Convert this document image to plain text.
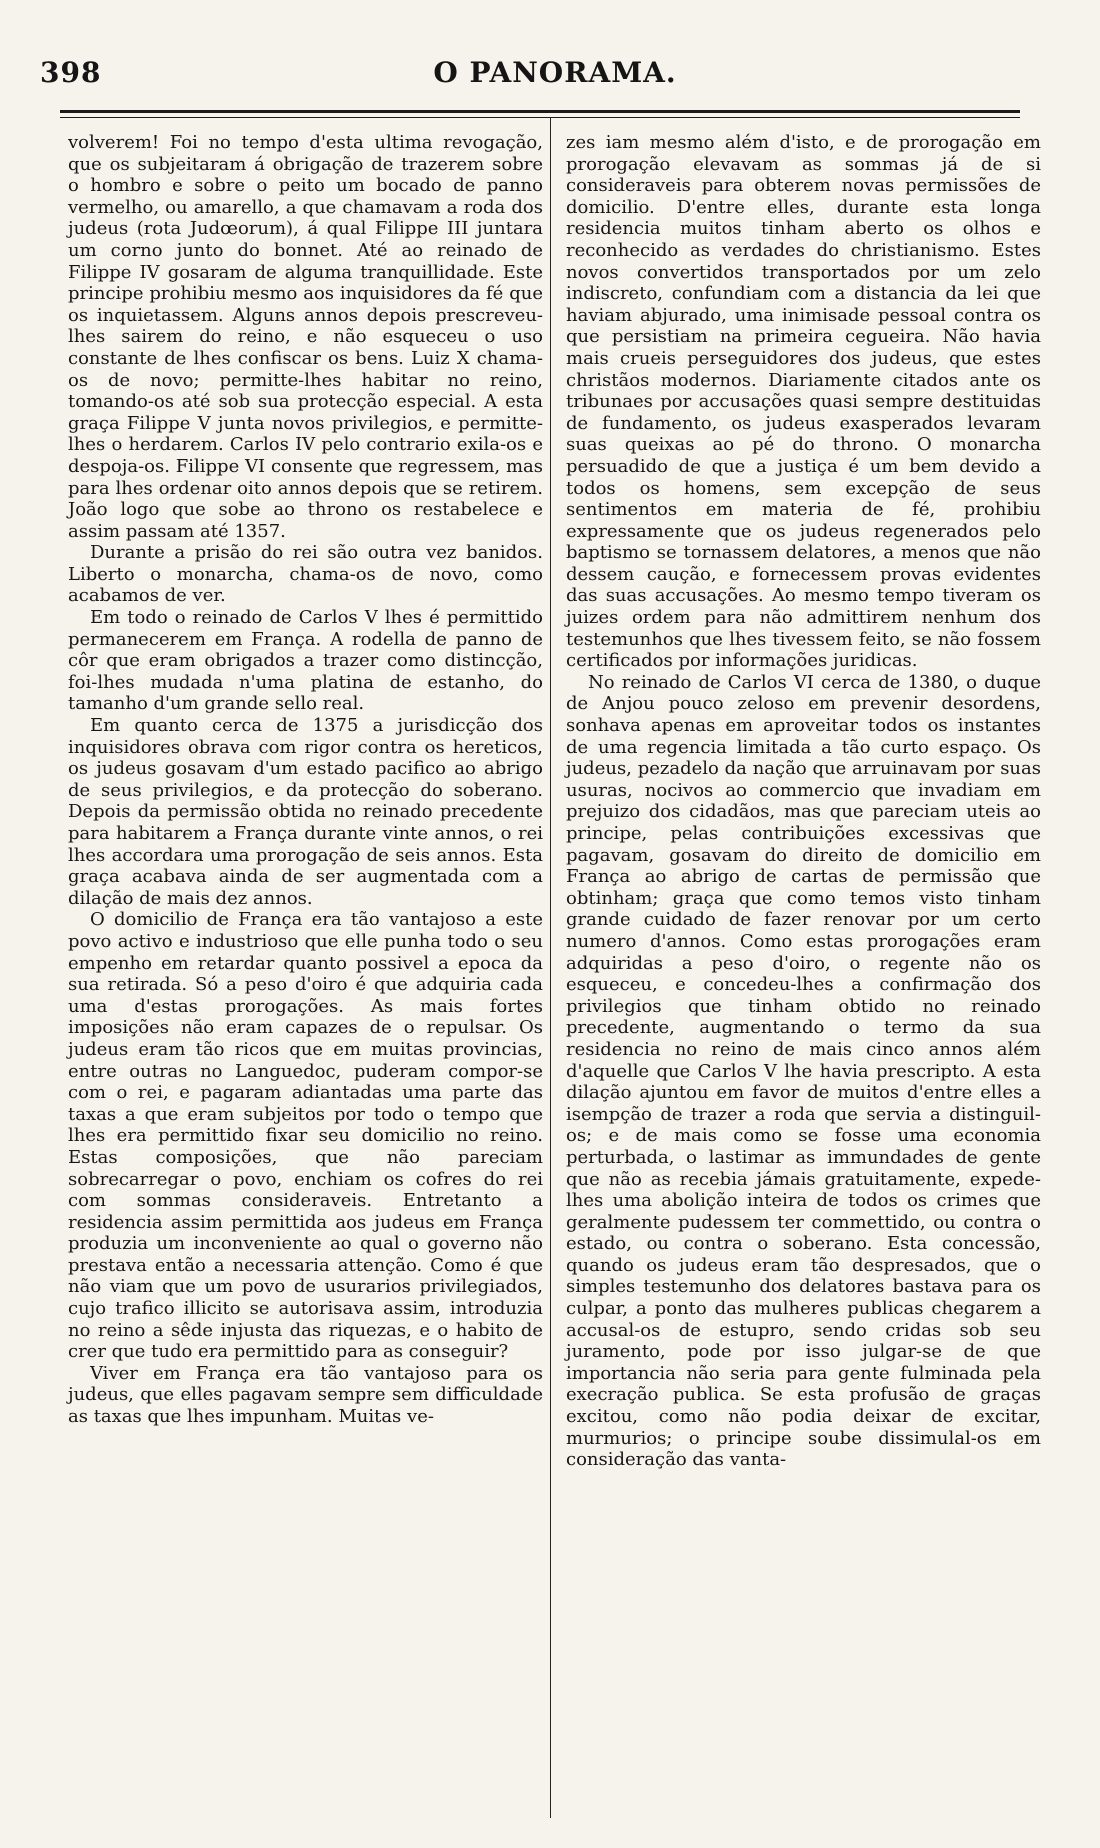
398	O PANORAMA.

volverem! Foi no tempo d'esta ultima revogação, que os subjeitaram á obrigação de trazerem sobre o hombro e sobre o peito um bocado de panno vermelho, ou amarello, a que chamavam a roda dos judeus (rota Judœorum), á qual Filippe III juntara um corno junto do bonnet. Até ao reinado de Filippe IV gosaram de alguma tranquillidade. Este principe prohibiu mesmo aos inquisidores da fé que os inquietassem. Alguns annos depois prescreveu-lhes sairem do reino, e não esqueceu o uso constante de lhes confiscar os bens. Luiz X chama-os de novo; permitte-lhes habitar no reino, tomando-os até sob sua protecção especial. A esta graça Filippe V junta novos privilegios, e permitte-lhes o herdarem. Carlos IV pelo contrario exila-os e despoja-os. Filippe VI consente que regressem, mas para lhes ordenar oito annos depois que se retirem. João logo que sobe ao throno os restabelece e assim passam até 1357.

Durante a prisão do rei são outra vez banidos. Liberto o monarcha, chama-os de novo, como acabamos de ver.

Em todo o reinado de Carlos V lhes é permittido permanecerem em França. A rodella de panno de côr que eram obrigados a trazer como distincção, foi-lhes mudada n'uma platina de estanho, do tamanho d'um grande sello real.

Em quanto cerca de 1375 a jurisdicção dos inquisidores obrava com rigor contra os hereticos, os judeus gosavam d'um estado pacifico ao abrigo de seus privilegios, e da protecção do soberano. Depois da permissão obtida no reinado precedente para habitarem a França durante vinte annos, o rei lhes accordara uma prorogação de seis annos. Esta graça acabava ainda de ser augmentada com a dilação de mais dez annos.

O domicilio de França era tão vantajoso a este povo activo e industrioso que elle punha todo o seu empenho em retardar quanto possivel a epoca da sua retirada. Só a peso d'oiro é que adquiria cada uma d'estas prorogações. As mais fortes imposições não eram capazes de o repulsar. Os judeus eram tão ricos que em muitas provincias, entre outras no Languedoc, puderam compor-se com o rei, e pagaram adiantadas uma parte das taxas a que eram subjeitos por todo o tempo que lhes era permittido fixar seu domicilio no reino. Estas composições, que não pareciam sobrecarregar o povo, enchiam os cofres do rei com sommas consideraveis. Entretanto a residencia assim permittida aos judeus em França produzia um inconveniente ao qual o governo não prestava então a necessaria attenção. Como é que não viam que um povo de usurarios privilegiados, cujo trafico illicito se autorisava assim, introduzia no reino a sêde injusta das riquezas, e o habito de crer que tudo era permittido para as conseguir?

Viver em França era tão vantajoso para os judeus, que elles pagavam sempre sem difficuldade as taxas que lhes impunham. Muitas ve-

zes iam mesmo além d'isto, e de prorogação em prorogação elevavam as sommas já de si consideraveis para obterem novas permissões de domicilio. D'entre elles, durante esta longa residencia muitos tinham aberto os olhos e reconhecido as verdades do christianismo. Estes novos convertidos transportados por um zelo indiscreto, confundiam com a distancia da lei que haviam abjurado, uma inimisade pessoal contra os que persistiam na primeira cegueira. Não havia mais crueis perseguidores dos judeus, que estes christãos modernos. Diariamente citados ante os tribunaes por accusações quasi sempre destituidas de fundamento, os judeus exasperados levaram suas queixas ao pé do throno. O monarcha persuadido de que a justiça é um bem devido a todos os homens, sem excepção de seus sentimentos em materia de fé, prohibiu expressamente que os judeus regenerados pelo baptismo se tornassem delatores, a menos que não dessem caução, e fornecessem provas evidentes das suas accusações. Ao mesmo tempo tiveram os juizes ordem para não admittirem nenhum dos testemunhos que lhes tivessem feito, se não fossem certificados por informações juridicas.

No reinado de Carlos VI cerca de 1380, o duque de Anjou pouco zeloso em prevenir desordens, sonhava apenas em aproveitar todos os instantes de uma regencia limitada a tão curto espaço. Os judeus, pezadelo da nação que arruinavam por suas usuras, nocivos ao commercio que invadiam em prejuizo dos cidadãos, mas que pareciam uteis ao principe, pelas contribuições excessivas que pagavam, gosavam do direito de domicilio em França ao abrigo de cartas de permissão que obtinham; graça que como temos visto tinham grande cuidado de fazer renovar por um certo numero d'annos. Como estas prorogações eram adquiridas a peso d'oiro, o regente não os esqueceu, e concedeu-lhes a confirmação dos privilegios que tinham obtido no reinado precedente, augmentando o termo da sua residencia no reino de mais cinco annos além d'aquelle que Carlos V lhe havia prescripto. A esta dilação ajuntou em favor de muitos d'entre elles a isempção de trazer a roda que servia a distinguil-os; e de mais como se fosse uma economia perturbada, o lastimar as immundades de gente que não as recebia jámais gratuitamente, expede-lhes uma abolição inteira de todos os crimes que geralmente pudessem ter commettido, ou contra o estado, ou contra o soberano. Esta concessão, quando os judeus eram tão despresados, que o simples testemunho dos delatores bastava para os culpar, a ponto das mulheres publicas chegarem a accusal-os de estupro, sendo cridas sob seu juramento, pode por isso julgar-se de que importancia não seria para gente fulminada pela execração publica. Se esta profusão de graças excitou, como não podia deixar de excitar, murmurios; o principe soube dissimulal-os em consideração das vanta-
